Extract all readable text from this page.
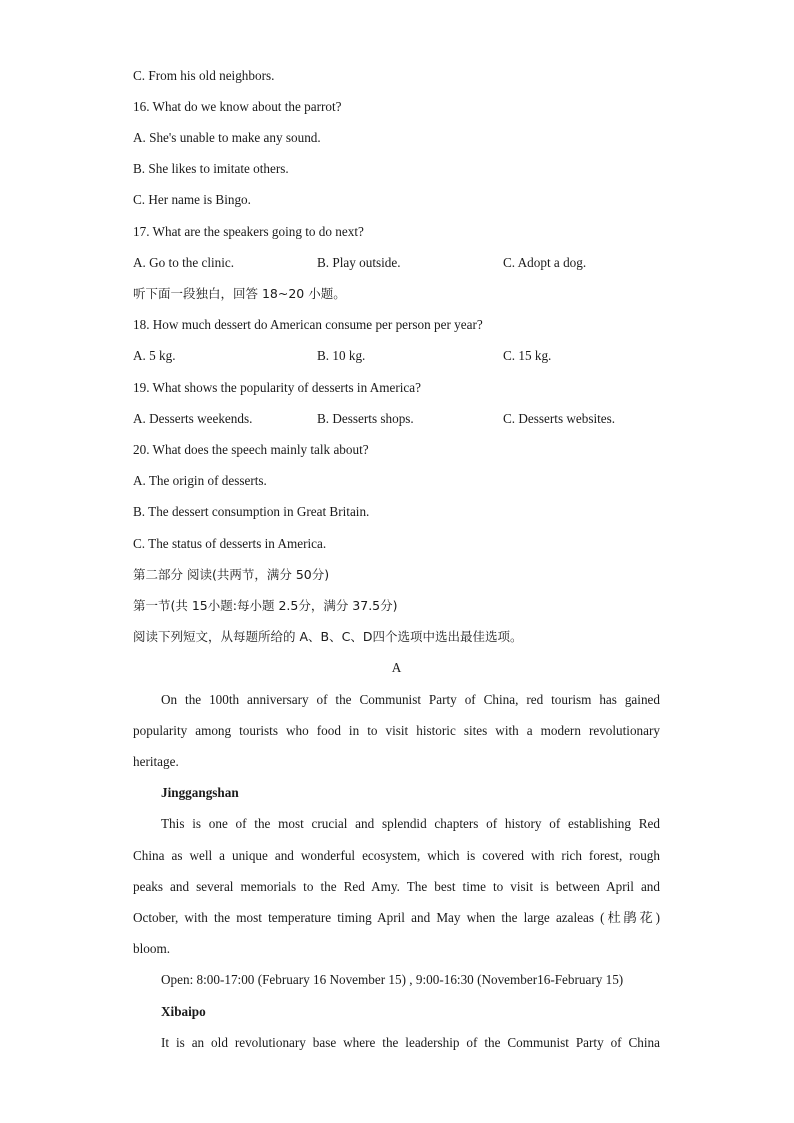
C. From his old neighbors.
16. What do we know about the parrot?
A. She's unable to make any sound.
B. She likes to imitate others.
C. Her name is Bingo.
17. What are the speakers going to do next?
A. Go to the clinic.	B. Play outside.	C. Adopt a dog.
听下面一段独白，回答 18~20 小题。
18. How much dessert do American consume per person per year?
A. 5 kg.	B. 10 kg.	C. 15 kg.
19. What shows the popularity of desserts in America?
A. Desserts weekends.	B. Desserts shops.	C. Desserts websites.
20. What does the speech mainly talk about?
A. The origin of desserts.
B. The dessert consumption in Great Britain.
C. The status of desserts in America.
第二部分 阅读(共两节，满分 50分)
第一节(共 15小题:每小题 2.5分，满分 37.5分)
阅读下列短文，从每题所给的 A、B、C、D四个选项中选出最佳选项。
A
On the 100th anniversary of the Communist Party of China, red tourism has gained
popularity among tourists who food in to visit historic sites with a modern revolutionary
heritage.
Jinggangshan
This is one of the most crucial and splendid chapters of history of establishing Red
China as well a unique and wonderful ecosystem, which is covered with rich forest, rough
peaks and several memorials to the Red Amy. The best time to visit is between April and
October, with the most temperature timing April and May when the large azaleas (杜鹃花)
bloom.
Open: 8:00-17:00 (February 16 November 15) , 9:00-16:30 (November16-February 15)
Xibaipo
It is an old revolutionary base where the leadership of the Communist Party of China
